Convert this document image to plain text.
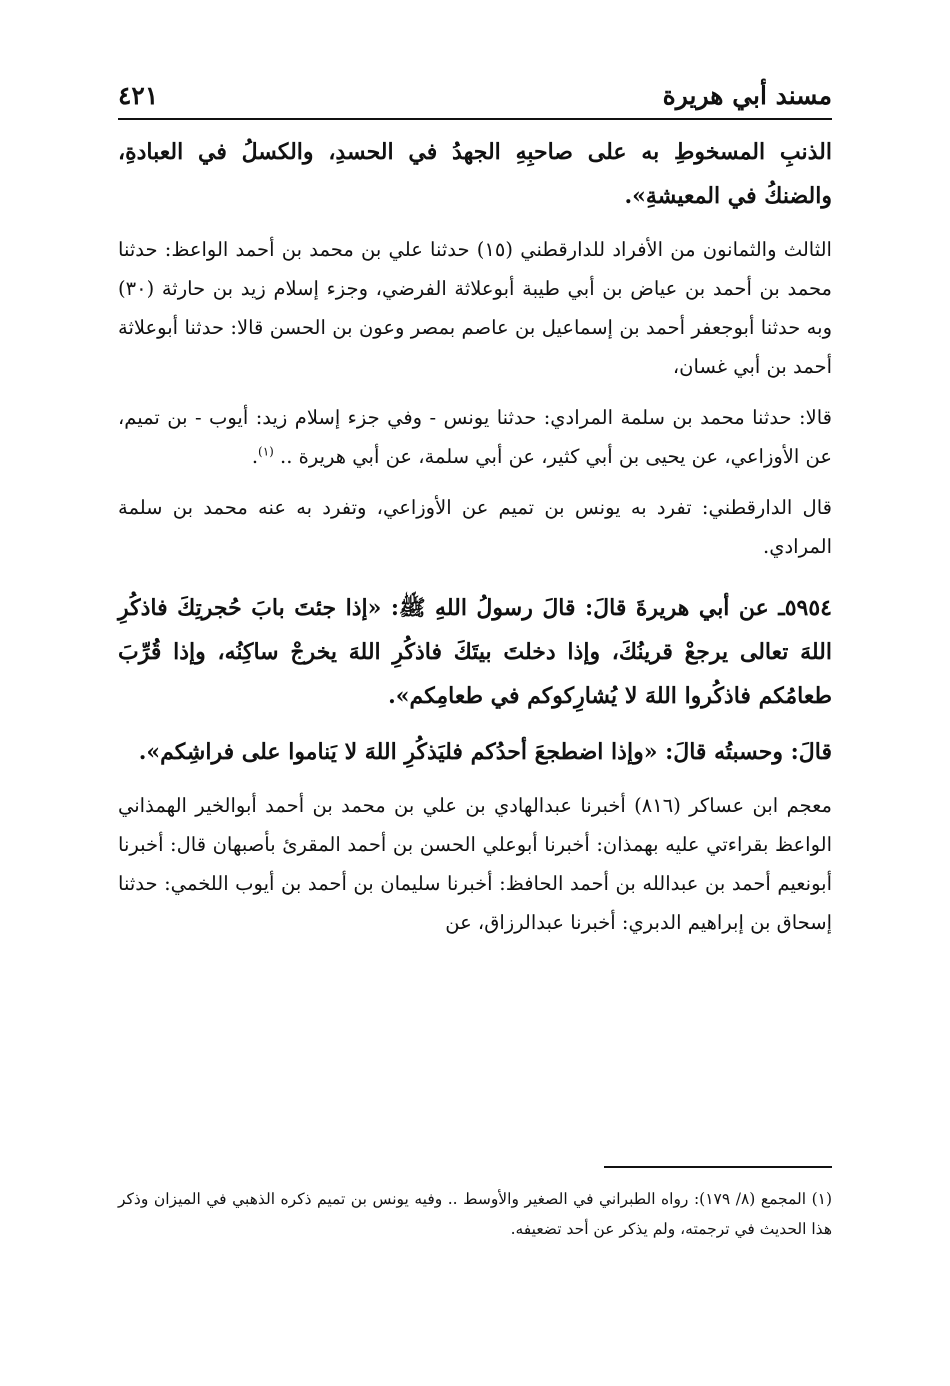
مسند أبي هريرة
٤٢١

الذنبِ المسخوطِ به على صاحبِهِ الجهدُ في الحسدِ، والكسلُ في العبادةِ، والضنكُ في المعيشةِ».

الثالث والثمانون من الأفراد للدارقطني (١٥) حدثنا علي بن محمد بن أحمد الواعظ: حدثنا محمد بن أحمد بن عياض بن أبي طيبة أبوعلاثة الفرضي، وجزء إسلام زيد بن حارثة (٣٠) وبه حدثنا أبوجعفر أحمد بن إسماعيل بن عاصم بمصر وعون بن الحسن قالا: حدثنا أبوعلاثة أحمد بن أبي غسان،

قالا: حدثنا محمد بن سلمة المرادي: حدثنا يونس - وفي جزء إسلام زيد: أيوب - بن تميم، عن الأوزاعي، عن يحيى بن أبي كثير، عن أبي سلمة، عن أبي هريرة .. $^{(١)}$.

قال الدارقطني: تفرد به يونس بن تميم عن الأوزاعي، وتفرد به عنه محمد بن سلمة المرادي.

٥٩٥٤ـ عن أبي هريرةَ قالَ: قالَ رسولُ اللهِ ﷺ: «إذا جئتَ بابَ حُجرتِكَ فاذكُرِ اللهَ تعالى يرجعْ قرينُكَ، وإذا دخلتَ بيتَكَ فاذكُرِ اللهَ يخرجْ ساكِنُه، وإذا قُرِّبَ طعامُكم فاذكُروا اللهَ لا يُشارِكوكم في طعامِكم».

قالَ: وحسبتُه قالَ: «وإذا اضطجعَ أحدُكم فليَذكُرِ اللهَ لا يَناموا على فراشِكم».

معجم ابن عساكر (٨١٦) أخبرنا عبدالهادي بن علي بن محمد بن أحمد أبوالخير الهمذاني الواعظ بقراءتي عليه بهمذان: أخبرنا أبوعلي الحسن بن أحمد المقرئ بأصبهان قال: أخبرنا أبونعيم أحمد بن عبدالله بن أحمد الحافظ: أخبرنا سليمان بن أحمد بن أيوب اللخمي: حدثنا إسحاق بن إبراهيم الدبري: أخبرنا عبدالرزاق، عن

(١) المجمع (٨/ ١٧٩): رواه الطبراني في الصغير والأوسط .. وفيه يونس بن تميم ذكره الذهبي في الميزان وذكر هذا الحديث في ترجمته، ولم يذكر عن أحد تضعيفه.
